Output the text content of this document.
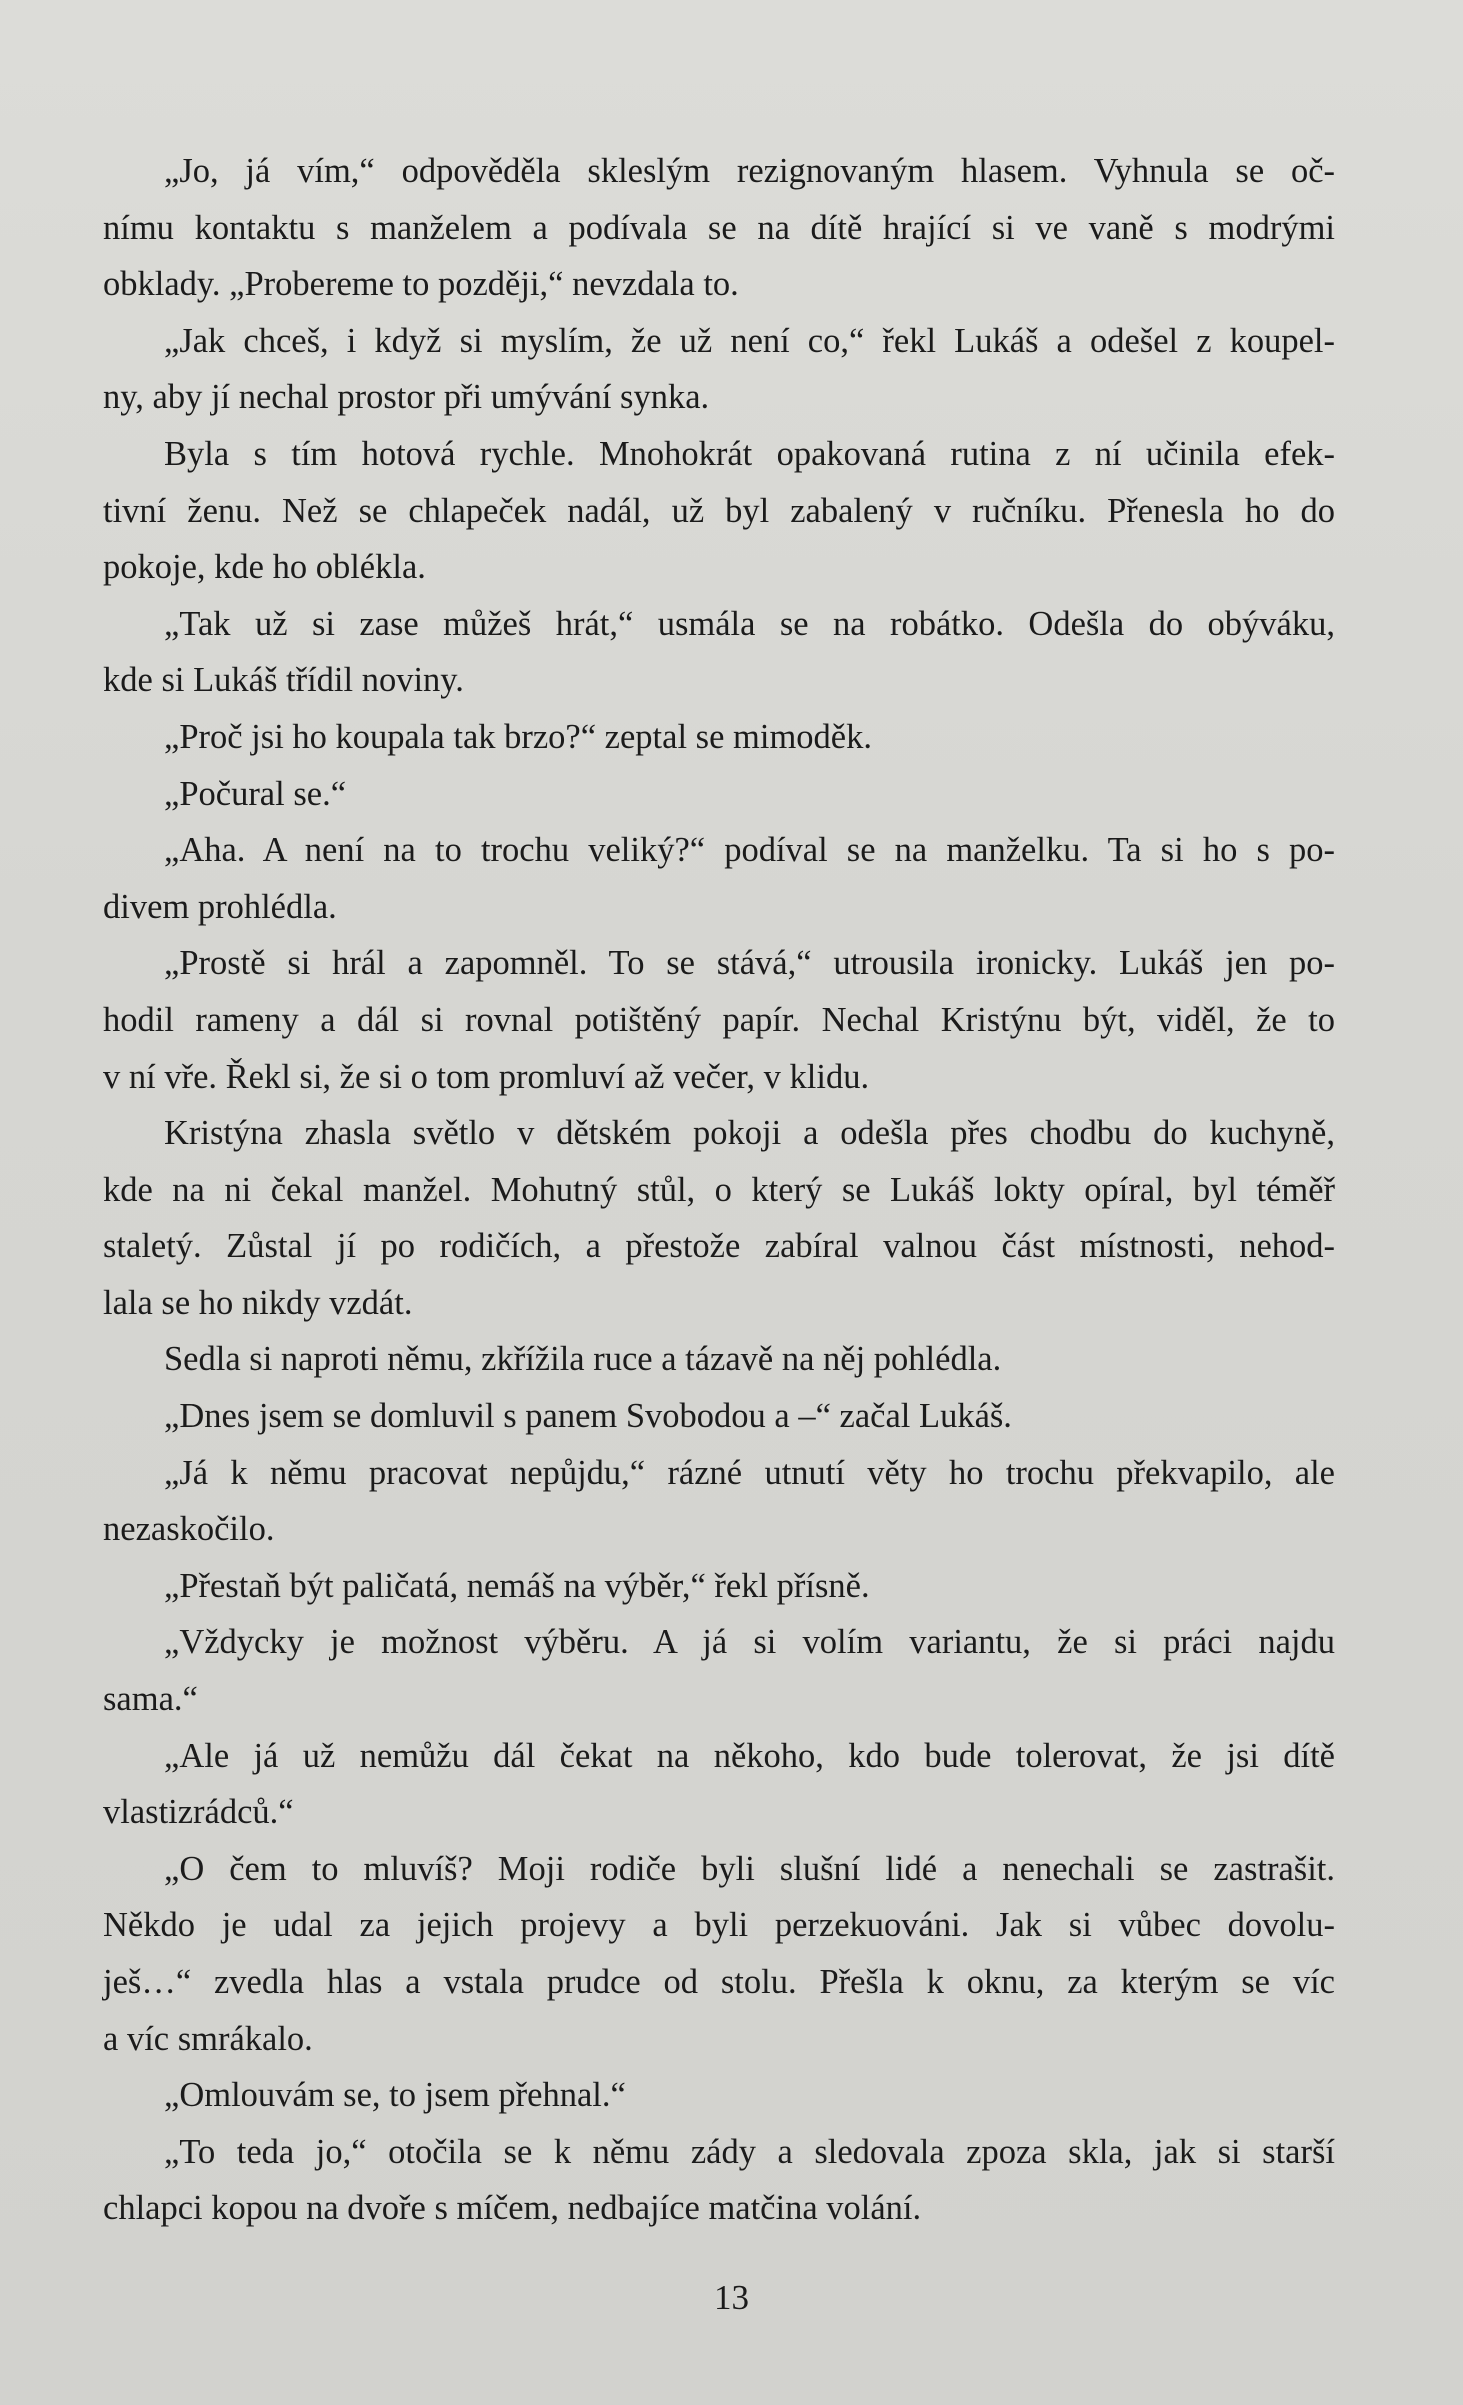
„Jo, já vím,“ odpověděla skleslým rezignovaným hlasem. Vyhnula se oč-
nímu kontaktu s manželem a podívala se na dítě hrající si ve vaně s modrými
obklady. „Probereme to později,“ nevzdala to.
„Jak chceš, i když si myslím, že už není co,“ řekl Lukáš a odešel z koupel-
ny, aby jí nechal prostor při umývání synka.
Byla s tím hotová rychle. Mnohokrát opakovaná rutina z ní učinila efek-
tivní ženu. Než se chlapeček nadál, už byl zabalený v ručníku. Přenesla ho do
pokoje, kde ho oblékla.
„Tak už si zase můžeš hrát,“ usmála se na robátko. Odešla do obýváku,
kde si Lukáš třídil noviny.
„Proč jsi ho koupala tak brzo?“ zeptal se mimoděk.
„Počural se.“
„Aha. A není na to trochu veliký?“ podíval se na manželku. Ta si ho s po-
divem prohlédla.
„Prostě si hrál a zapomněl. To se stává,“ utrousila ironicky. Lukáš jen po-
hodil rameny a dál si rovnal potištěný papír. Nechal Kristýnu být, viděl, že to
v ní vře. Řekl si, že si o tom promluví až večer, v klidu.
Kristýna zhasla světlo v dětském pokoji a odešla přes chodbu do kuchyně,
kde na ni čekal manžel. Mohutný stůl, o který se Lukáš lokty opíral, byl téměř
staletý. Zůstal jí po rodičích, a přestože zabíral valnou část místnosti, nehod-
lala se ho nikdy vzdát.
Sedla si naproti němu, zkřížila ruce a tázavě na něj pohlédla.
„Dnes jsem se domluvil s panem Svobodou a –“ začal Lukáš.
„Já k němu pracovat nepůjdu,“ rázné utnutí věty ho trochu překvapilo, ale
nezaskočilo.
„Přestaň být paličatá, nemáš na výběr,“ řekl přísně.
„Vždycky je možnost výběru. A já si volím variantu, že si práci najdu
sama.“
„Ale já už nemůžu dál čekat na někoho, kdo bude tolerovat, že jsi dítě
vlastizrádců.“
„O čem to mluvíš? Moji rodiče byli slušní lidé a nenechali se zastrašit.
Někdo je udal za jejich projevy a byli perzekuováni. Jak si vůbec dovolu-
ješ…“ zvedla hlas a vstala prudce od stolu. Přešla k oknu, za kterým se víc
a víc smrákalo.
„Omlouvám se, to jsem přehnal.“
„To teda jo,“ otočila se k němu zády a sledovala zpoza skla, jak si starší
chlapci kopou na dvoře s míčem, nedbajíce matčina volání.
13
